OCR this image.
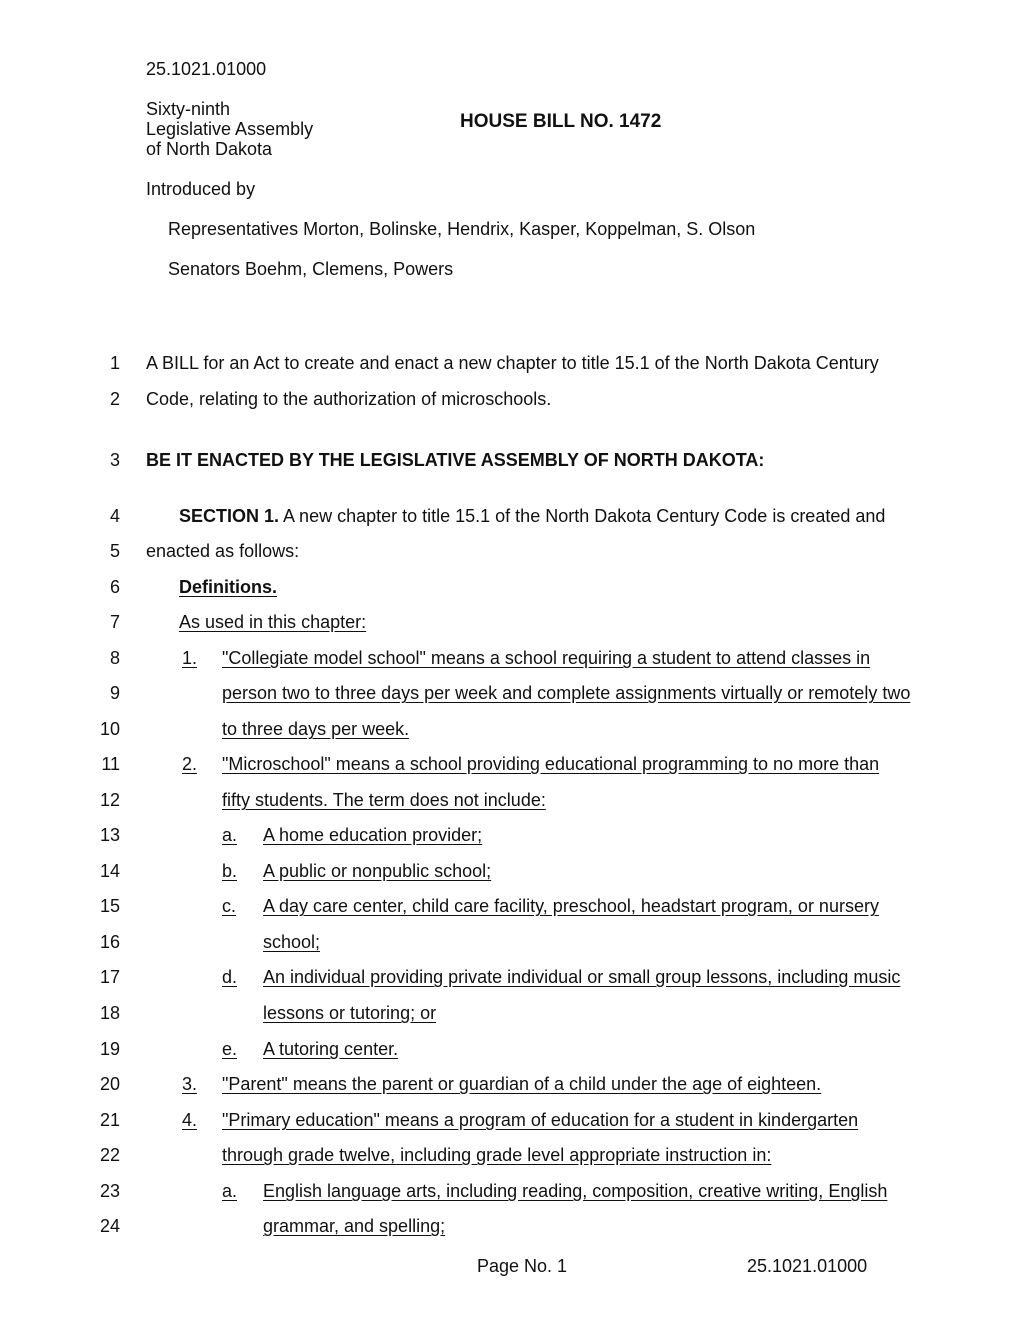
25.1021.01000
Sixty-ninth
Legislative Assembly
of North Dakota
HOUSE BILL NO. 1472
Introduced by
Representatives Morton, Bolinske, Hendrix, Kasper, Koppelman, S. Olson
Senators Boehm, Clemens, Powers
1 A BILL for an Act to create and enact a new chapter to title 15.1 of the North Dakota Century
2 Code, relating to the authorization of microschools.
3 BE IT ENACTED BY THE LEGISLATIVE ASSEMBLY OF NORTH DAKOTA:
4	SECTION 1. A new chapter to title 15.1 of the North Dakota Century Code is created and
5 enacted as follows:
6	Definitions.
7	As used in this chapter:
8	1. "Collegiate model school" means a school requiring a student to attend classes in
9	person two to three days per week and complete assignments virtually or remotely two
10	to three days per week.
11	2. "Microschool" means a school providing educational programming to no more than
12	fifty students. The term does not include:
13	a. A home education provider;
14	b. A public or nonpublic school;
15	c. A day care center, child care facility, preschool, headstart program, or nursery
16	school;
17	d. An individual providing private individual or small group lessons, including music
18	lessons or tutoring; or
19	e. A tutoring center.
20	3. "Parent" means the parent or guardian of a child under the age of eighteen.
21	4. "Primary education" means a program of education for a student in kindergarten
22	through grade twelve, including grade level appropriate instruction in:
23	a. English language arts, including reading, composition, creative writing, English
24	grammar, and spelling;
Page No. 1	25.1021.01000
